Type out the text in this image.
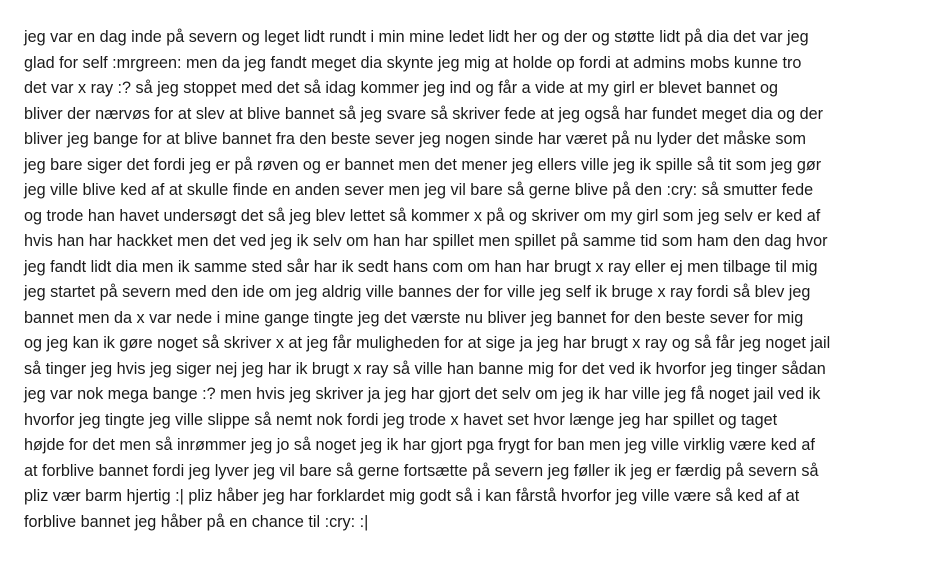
jeg var en dag inde på severn og leget lidt rundt i min mine ledet lidt her og der og støtte lidt på dia det var jeg
glad for self :mrgreen: men da jeg fandt meget dia skynte jeg mig at holde op fordi at admins mobs kunne tro
det var x ray :? så jeg stoppet med det så idag kommer jeg ind og får a vide at my girl er blevet bannet og
bliver der nærvøs for at slev at blive bannet så jeg svare så skriver fede at jeg også har fundet meget dia og der
bliver jeg bange for at blive bannet fra den beste sever jeg nogen sinde har været på nu lyder det måske som
jeg bare siger det fordi jeg er på røven og er bannet men det mener jeg ellers ville jeg ik spille så tit som jeg gør
jeg ville blive ked af at skulle finde en anden sever men jeg vil bare så gerne blive på den :cry: så smutter fede
og trode han havet undersøgt det så jeg blev lettet så kommer x på og skriver om my girl som jeg selv er ked af
hvis han har hackket men det ved jeg ik selv om han har spillet men spillet på samme tid som ham den dag hvor
jeg fandt lidt dia men ik samme sted sår har ik sedt hans com om han har brugt x ray eller ej men tilbage til mig
jeg startet på severn med den ide om jeg aldrig ville bannes der for ville jeg self ik bruge x ray fordi så blev jeg
bannet men da x var nede i mine gange tingte jeg det værste nu bliver jeg bannet for den beste sever for mig
og jeg kan ik gøre noget så skriver x at jeg får muligheden for at sige ja jeg har brugt x ray og så får jeg noget jail
så tinger jeg hvis jeg siger nej jeg har ik brugt x ray så ville han banne mig for det ved ik hvorfor jeg tinger sådan
jeg var nok mega bange :? men hvis jeg skriver ja jeg har gjort det selv om jeg ik har ville jeg få noget jail ved ik
hvorfor jeg tingte jeg ville slippe så nemt nok fordi jeg trode x havet set hvor længe jeg har spillet og taget
højde for det men så inrømmer jeg jo så noget jeg ik har gjort pga frygt for ban men jeg ville virklig være ked af
at forblive bannet fordi jeg lyver jeg vil bare så gerne fortsætte på severn jeg føller ik jeg er færdig på severn så
pliz vær barm hjertig :| pliz håber jeg har forklardet mig godt så i kan fårstå hvorfor jeg ville være så ked af at
forblive bannet jeg håber på en chance til :cry: :|
